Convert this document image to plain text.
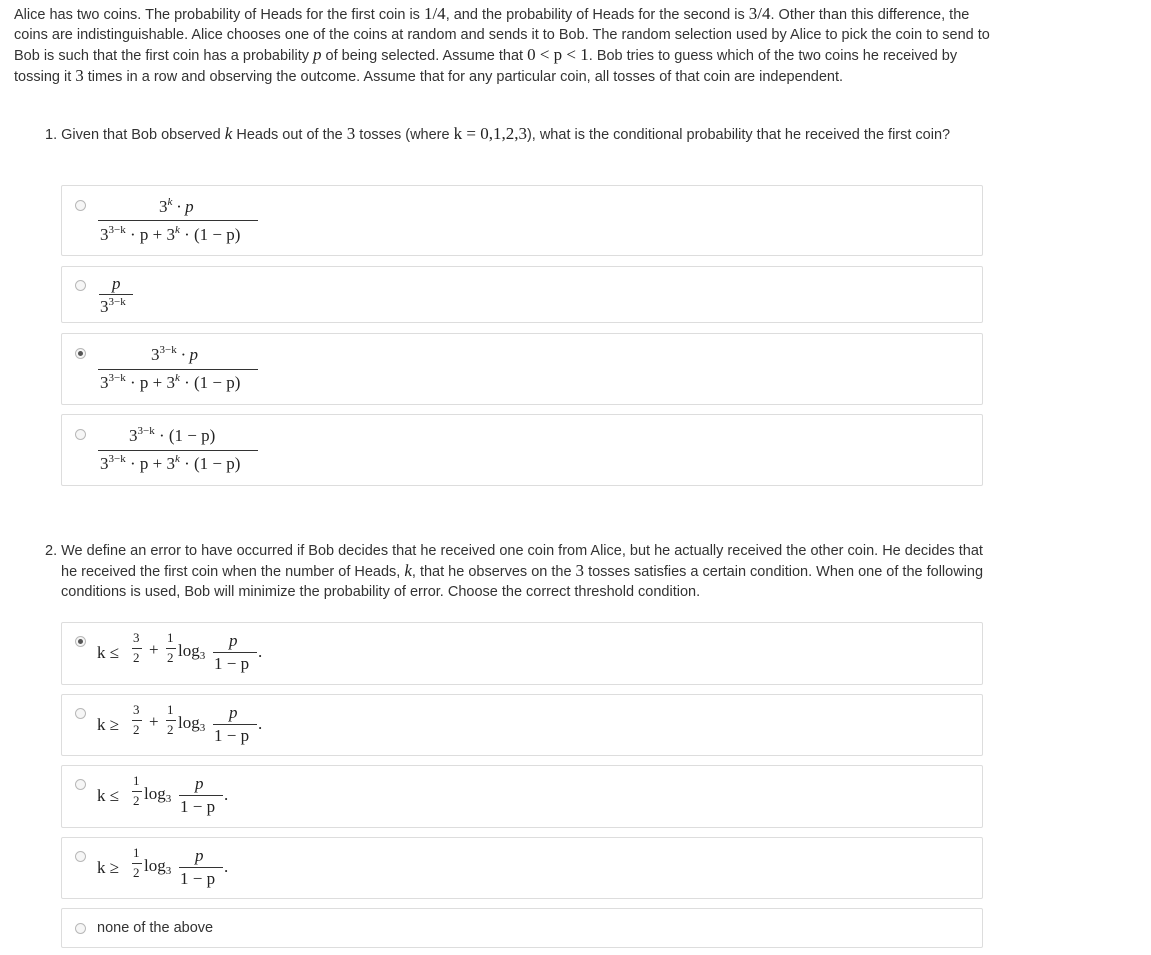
Alice has two coins. The probability of Heads for the first coin is 1/4, and the probability of Heads for the second is 3/4. Other than this difference, the coins are indistinguishable. Alice chooses one of the coins at random and sends it to Bob. The random selection used by Alice to pick the coin to send to Bob is such that the first coin has a probability p of being selected. Assume that 0 < p < 1. Bob tries to guess which of the two coins he received by tossing it 3 times in a row and observing the outcome. Assume that for any particular coin, all tosses of that coin are independent.

1. Given that Bob observed k Heads out of the 3 tosses (where k = 0,1,2,3), what is the conditional probability that he received the first coin?

$3^k \cdot p$
$3^{3-k} \cdot p + 3^k \cdot (1 - p)$
p
$3^{3-k}$
$3^{3-k} \cdot p$
$3^{3-k} \cdot p + 3^k \cdot (1 - p)$
$3^{3-k} \cdot (1 - p)$
$3^{3-k} \cdot p + 3^k \cdot (1 - p)$

2. We define an error to have occurred if Bob decides that he received one coin from Alice, but he actually received the other coin. He decides that he received the first coin when the number of Heads, k, that he observes on the 3 tosses satisfies a certain condition. When one of the following conditions is used, Bob will minimize the probability of error. Choose the correct threshold condition.

k ≤
3
2 +
1
2 $\log_3$
p
1 − p
.
k ≥
3
2 +
1
2 $\log_3$
p
1 − p
.
k ≤
1
2 $\log_3$
p
1 − p
.
k ≥
1
2 $\log_3$
p
1 − p
.
none of the above
